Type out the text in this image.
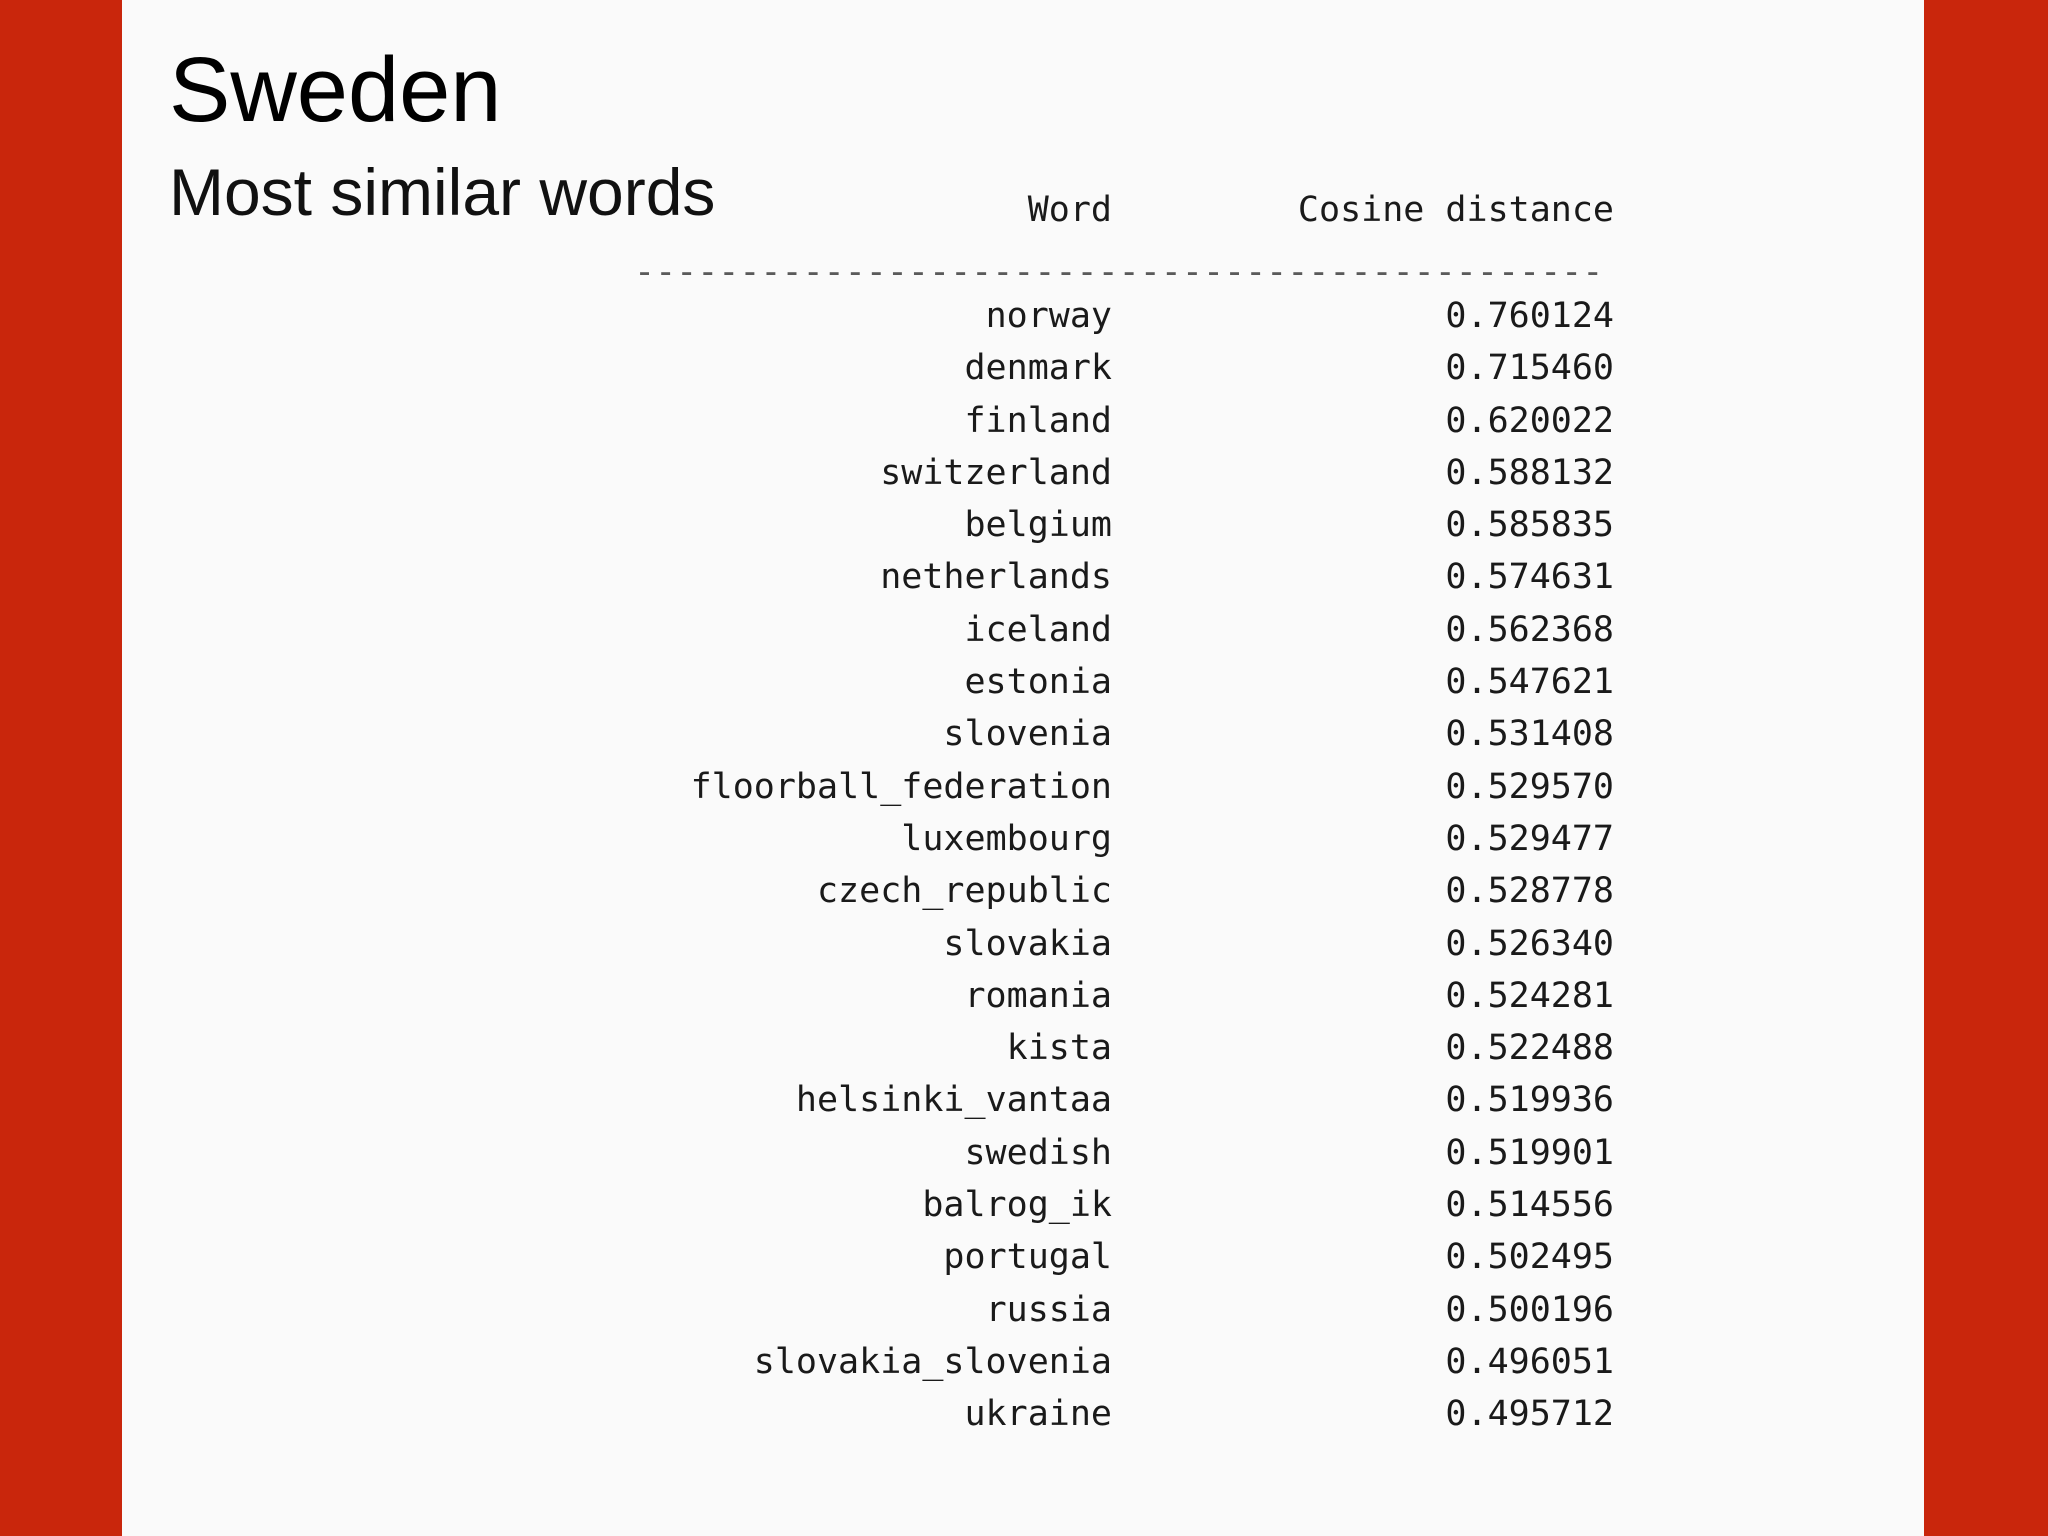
Sweden
Most similar words	Word	Cosine distance
----------------------------------------------
norway	0.760124
denmark	0.715460
finland	0.620022
switzerland	0.588132
belgium	0.585835
netherlands	0.574631
iceland	0.562368
estonia	0.547621
slovenia	0.531408
floorball_federation	0.529570
luxembourg	0.529477
czech_republic	0.528778
slovakia	0.526340
romania	0.524281
kista	0.522488
helsinki_vantaa	0.519936
swedish	0.519901
balrog_ik	0.514556
portugal	0.502495
russia	0.500196
slovakia_slovenia	0.496051
ukraine	0.495712
